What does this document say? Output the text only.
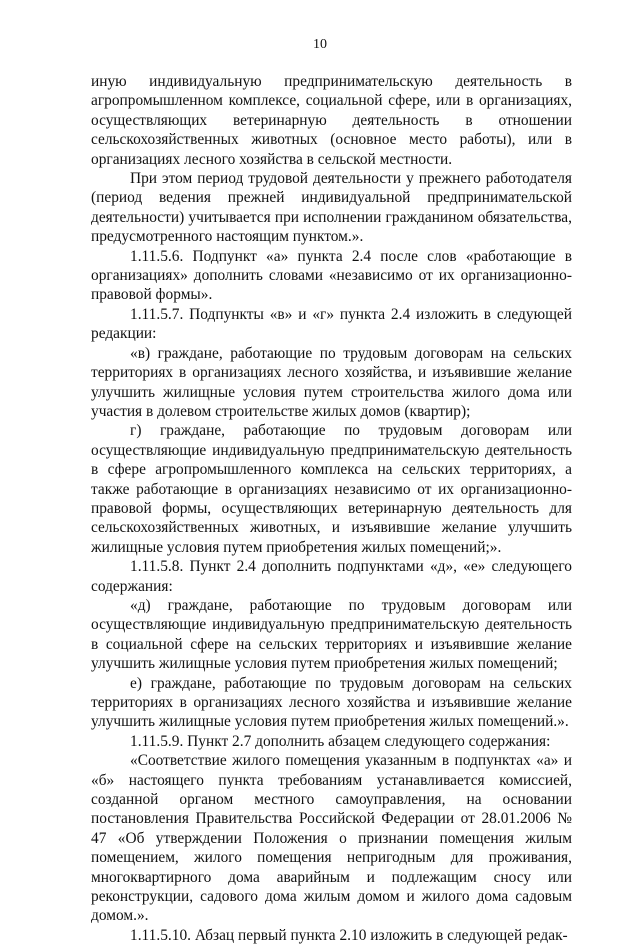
10

иную индивидуальную предпринимательскую деятельность в агропромышленном комплексе, социальной сфере, или в организациях, осуществляющих ветеринарную деятельность в отношении сельскохозяйственных животных (основное место работы), или в организациях лесного хозяйства в сельской местности.

При этом период трудовой деятельности у прежнего работодателя (период ведения прежней индивидуальной предпринимательской деятельности) учитывается при исполнении гражданином обязательства, предусмотренного настоящим пунктом.».

1.11.5.6. Подпункт «а» пункта 2.4 после слов «работающие в организациях» дополнить словами «независимо от их организационно-правовой формы».

1.11.5.7. Подпункты «в» и «г» пункта 2.4 изложить в следующей редакции:

«в) граждане, работающие по трудовым договорам на сельских территориях в организациях лесного хозяйства, и изъявившие желание улучшить жилищные условия путем строительства жилого дома или участия в долевом строительстве жилых домов (квартир);

г) граждане, работающие по трудовым договорам или осуществляющие индивидуальную предпринимательскую деятельность в сфере агропромышленного комплекса на сельских территориях, а также работающие в организациях независимо от их организационно-правовой формы, осуществляющих ветеринарную деятельность для сельскохозяйственных животных, и изъявившие желание улучшить жилищные условия путем приобретения жилых помещений;».

1.11.5.8. Пункт 2.4 дополнить подпунктами «д», «е» следующего содержания:

«д) граждане, работающие по трудовым договорам или осуществляющие индивидуальную предпринимательскую деятельность в социальной сфере на сельских территориях и изъявившие желание улучшить жилищные условия путем приобретения жилых помещений;

е) граждане, работающие по трудовым договорам на сельских территориях в организациях лесного хозяйства и изъявившие желание улучшить жилищные условия путем приобретения жилых помещений.».

1.11.5.9. Пункт 2.7 дополнить абзацем следующего содержания:

«Соответствие жилого помещения указанным в подпунктах «а» и «б» настоящего пункта требованиям устанавливается комиссией, созданной органом местного самоуправления, на основании постановления Правительства Российской Федерации от 28.01.2006 № 47 «Об утверждении Положения о признании помещения жилым помещением, жилого помещения непригодным для проживания, многоквартирного дома аварийным и подлежащим сносу или реконструкции, садового дома жилым домом и жилого дома садовым домом.».

1.11.5.10. Абзац первый пункта 2.10 изложить в следующей редак-
